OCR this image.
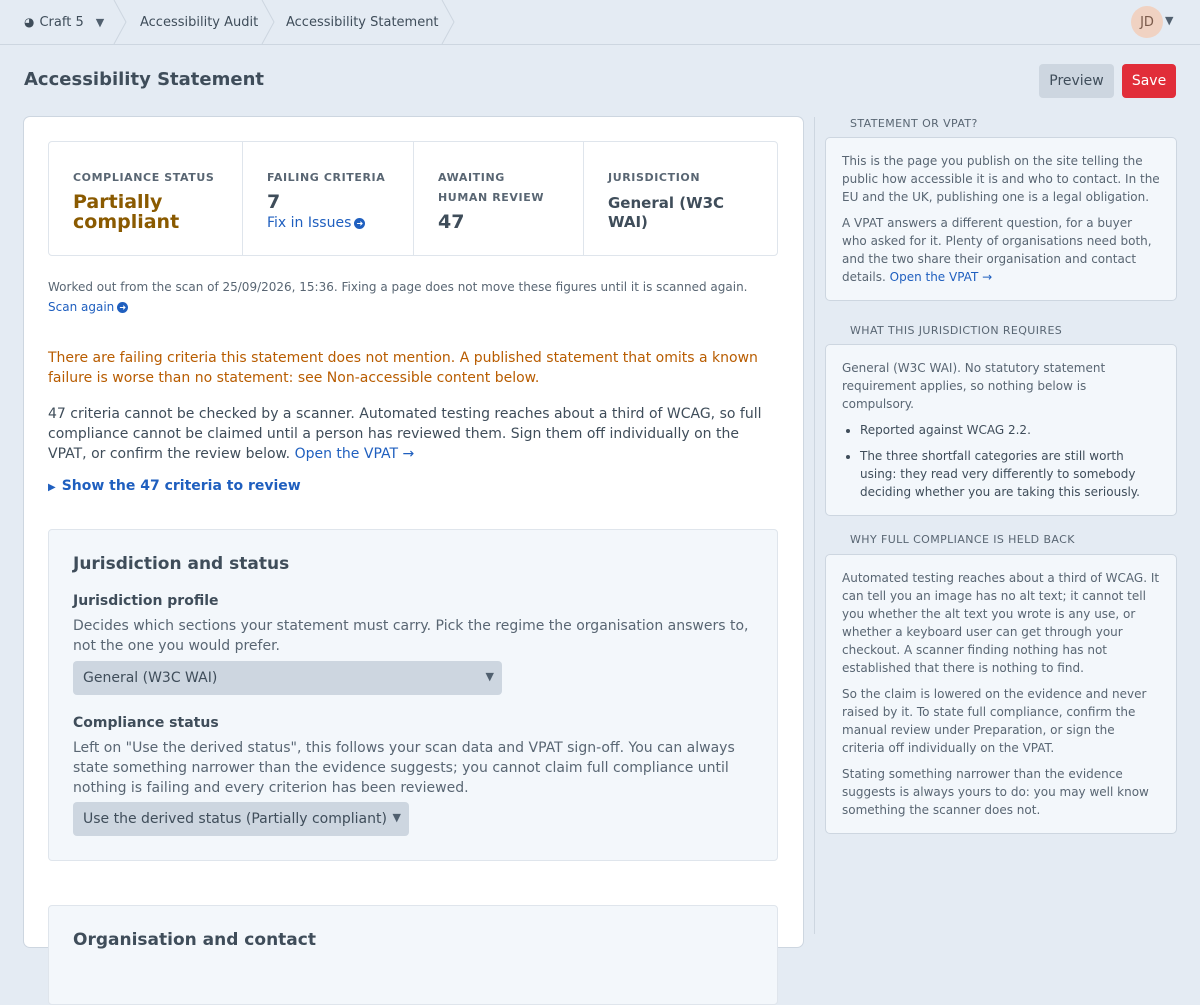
◕ Craft 5 ▼	Accessibility Audit Accessibility Statement	JD ▼
Accessibility Statement	Preview	Save
COMPLIANCE STATUS
Partially compliant
FAILING CRITERIA
7
Fix in Issues ➜
AWAITING HUMAN REVIEW
47
JURISDICTION
General (W3C WAI)
Worked out from the scan of 25/09/2026, 15:36. Fixing a page does not move these figures until it is scanned again.
Scan again ➜

There are failing criteria this statement does not mention. A published statement that omits a known failure is worse than no statement: see Non-accessible content below.

47 criteria cannot be checked by a scanner. Automated testing reaches about a third of WCAG, so full compliance cannot be claimed until a person has reviewed them. Sign them off individually on the VPAT, or confirm the review below. Open the VPAT →

▶ Show the 47 criteria to review
Jurisdiction and status
Jurisdiction profile
Decides which sections your statement must carry. Pick the regime the organisation answers to, not the one you would prefer.
General (W3C WAI)	▼
Compliance status
Left on "Use the derived status", this follows your scan data and VPAT sign-off. You can always state something narrower than the evidence suggests; you cannot claim full compliance until nothing is failing and every criterion has been reviewed.
Use the derived status (Partially compliant) ▼
Organisation and contact
STATEMENT OR VPAT?

This is the page you publish on the site telling the public how accessible it is and who to contact. In the EU and the UK, publishing one is a legal obligation.

A VPAT answers a different question, for a buyer who asked for it. Plenty of organisations need both, and the two share their organisation and contact details. Open the VPAT →

WHAT THIS JURISDICTION REQUIRES

General (W3C WAI). No statutory statement requirement applies, so nothing below is compulsory.

• Reported against WCAG 2.2.
• The three shortfall categories are still worth using: they read very differently to somebody deciding whether you are taking this seriously.
WHY FULL COMPLIANCE IS HELD BACK

Automated testing reaches about a third of WCAG. It can tell you an image has no alt text; it cannot tell you whether the alt text you wrote is any use, or whether a keyboard user can get through your checkout. A scanner finding nothing has not established that there is nothing to find.

So the claim is lowered on the evidence and never raised by it. To state full compliance, confirm the manual review under Preparation, or sign the criteria off individually on the VPAT.

Stating something narrower than the evidence suggests is always yours to do: you may well know something the scanner does not.
